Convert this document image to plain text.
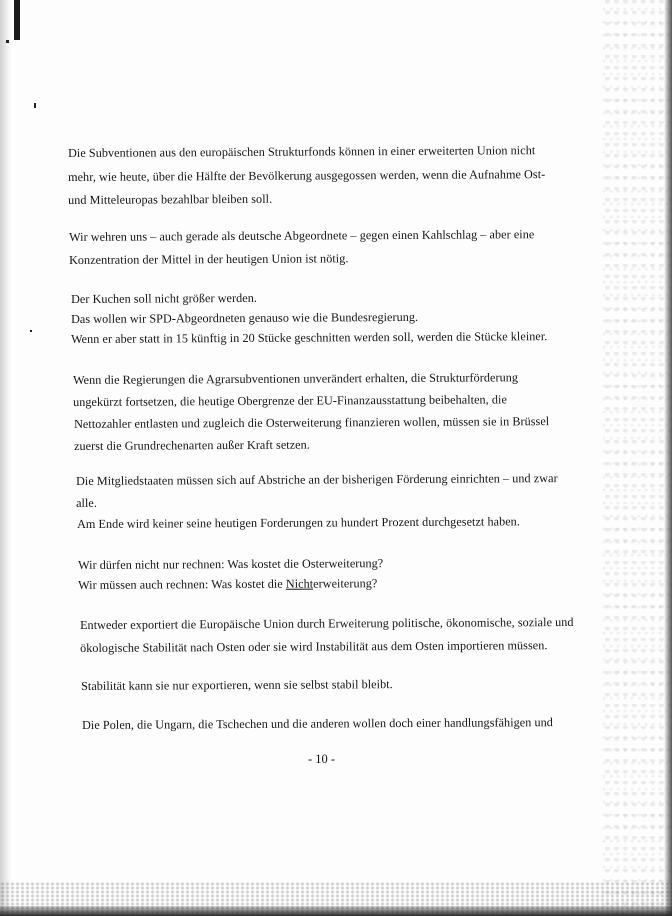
Die Subventionen aus den europäischen Strukturfonds können in einer erweiterten Union nicht
mehr, wie heute, über die Hälfte der Bevölkerung ausgegossen werden, wenn die Aufnahme Ost-
und Mitteleuropas bezahlbar bleiben soll.
Wir wehren uns – auch gerade als deutsche Abgeordnete – gegen einen Kahlschlag – aber eine
Konzentration der Mittel in der heutigen Union ist nötig.
Der Kuchen soll nicht größer werden.
Das wollen wir SPD-Abgeordneten genauso wie die Bundesregierung.
Wenn er aber statt in 15 künftig in 20 Stücke geschnitten werden soll, werden die Stücke kleiner.
Wenn die Regierungen die Agrarsubventionen unverändert erhalten, die Strukturförderung
ungekürzt fortsetzen, die heutige Obergrenze der EU-Finanzausstattung beibehalten, die
Nettozahler entlasten und zugleich die Osterweiterung finanzieren wollen, müssen sie in Brüssel
zuerst die Grundrechenarten außer Kraft setzen.
Die Mitgliedstaaten müssen sich auf Abstriche an der bisherigen Förderung einrichten – und zwar
alle.
Am Ende wird keiner seine heutigen Forderungen zu hundert Prozent durchgesetzt haben.
Wir dürfen nicht nur rechnen: Was kostet die Osterweiterung?
Wir müssen auch rechnen: Was kostet die Nichterweiterung?
Entweder exportiert die Europäische Union durch Erweiterung politische, ökonomische, soziale und
ökologische Stabilität nach Osten oder sie wird Instabilität aus dem Osten importieren müssen.
Stabilität kann sie nur exportieren, wenn sie selbst stabil bleibt.
Die Polen, die Ungarn, die Tschechen und die anderen wollen doch einer handlungsfähigen und
- 10 -
